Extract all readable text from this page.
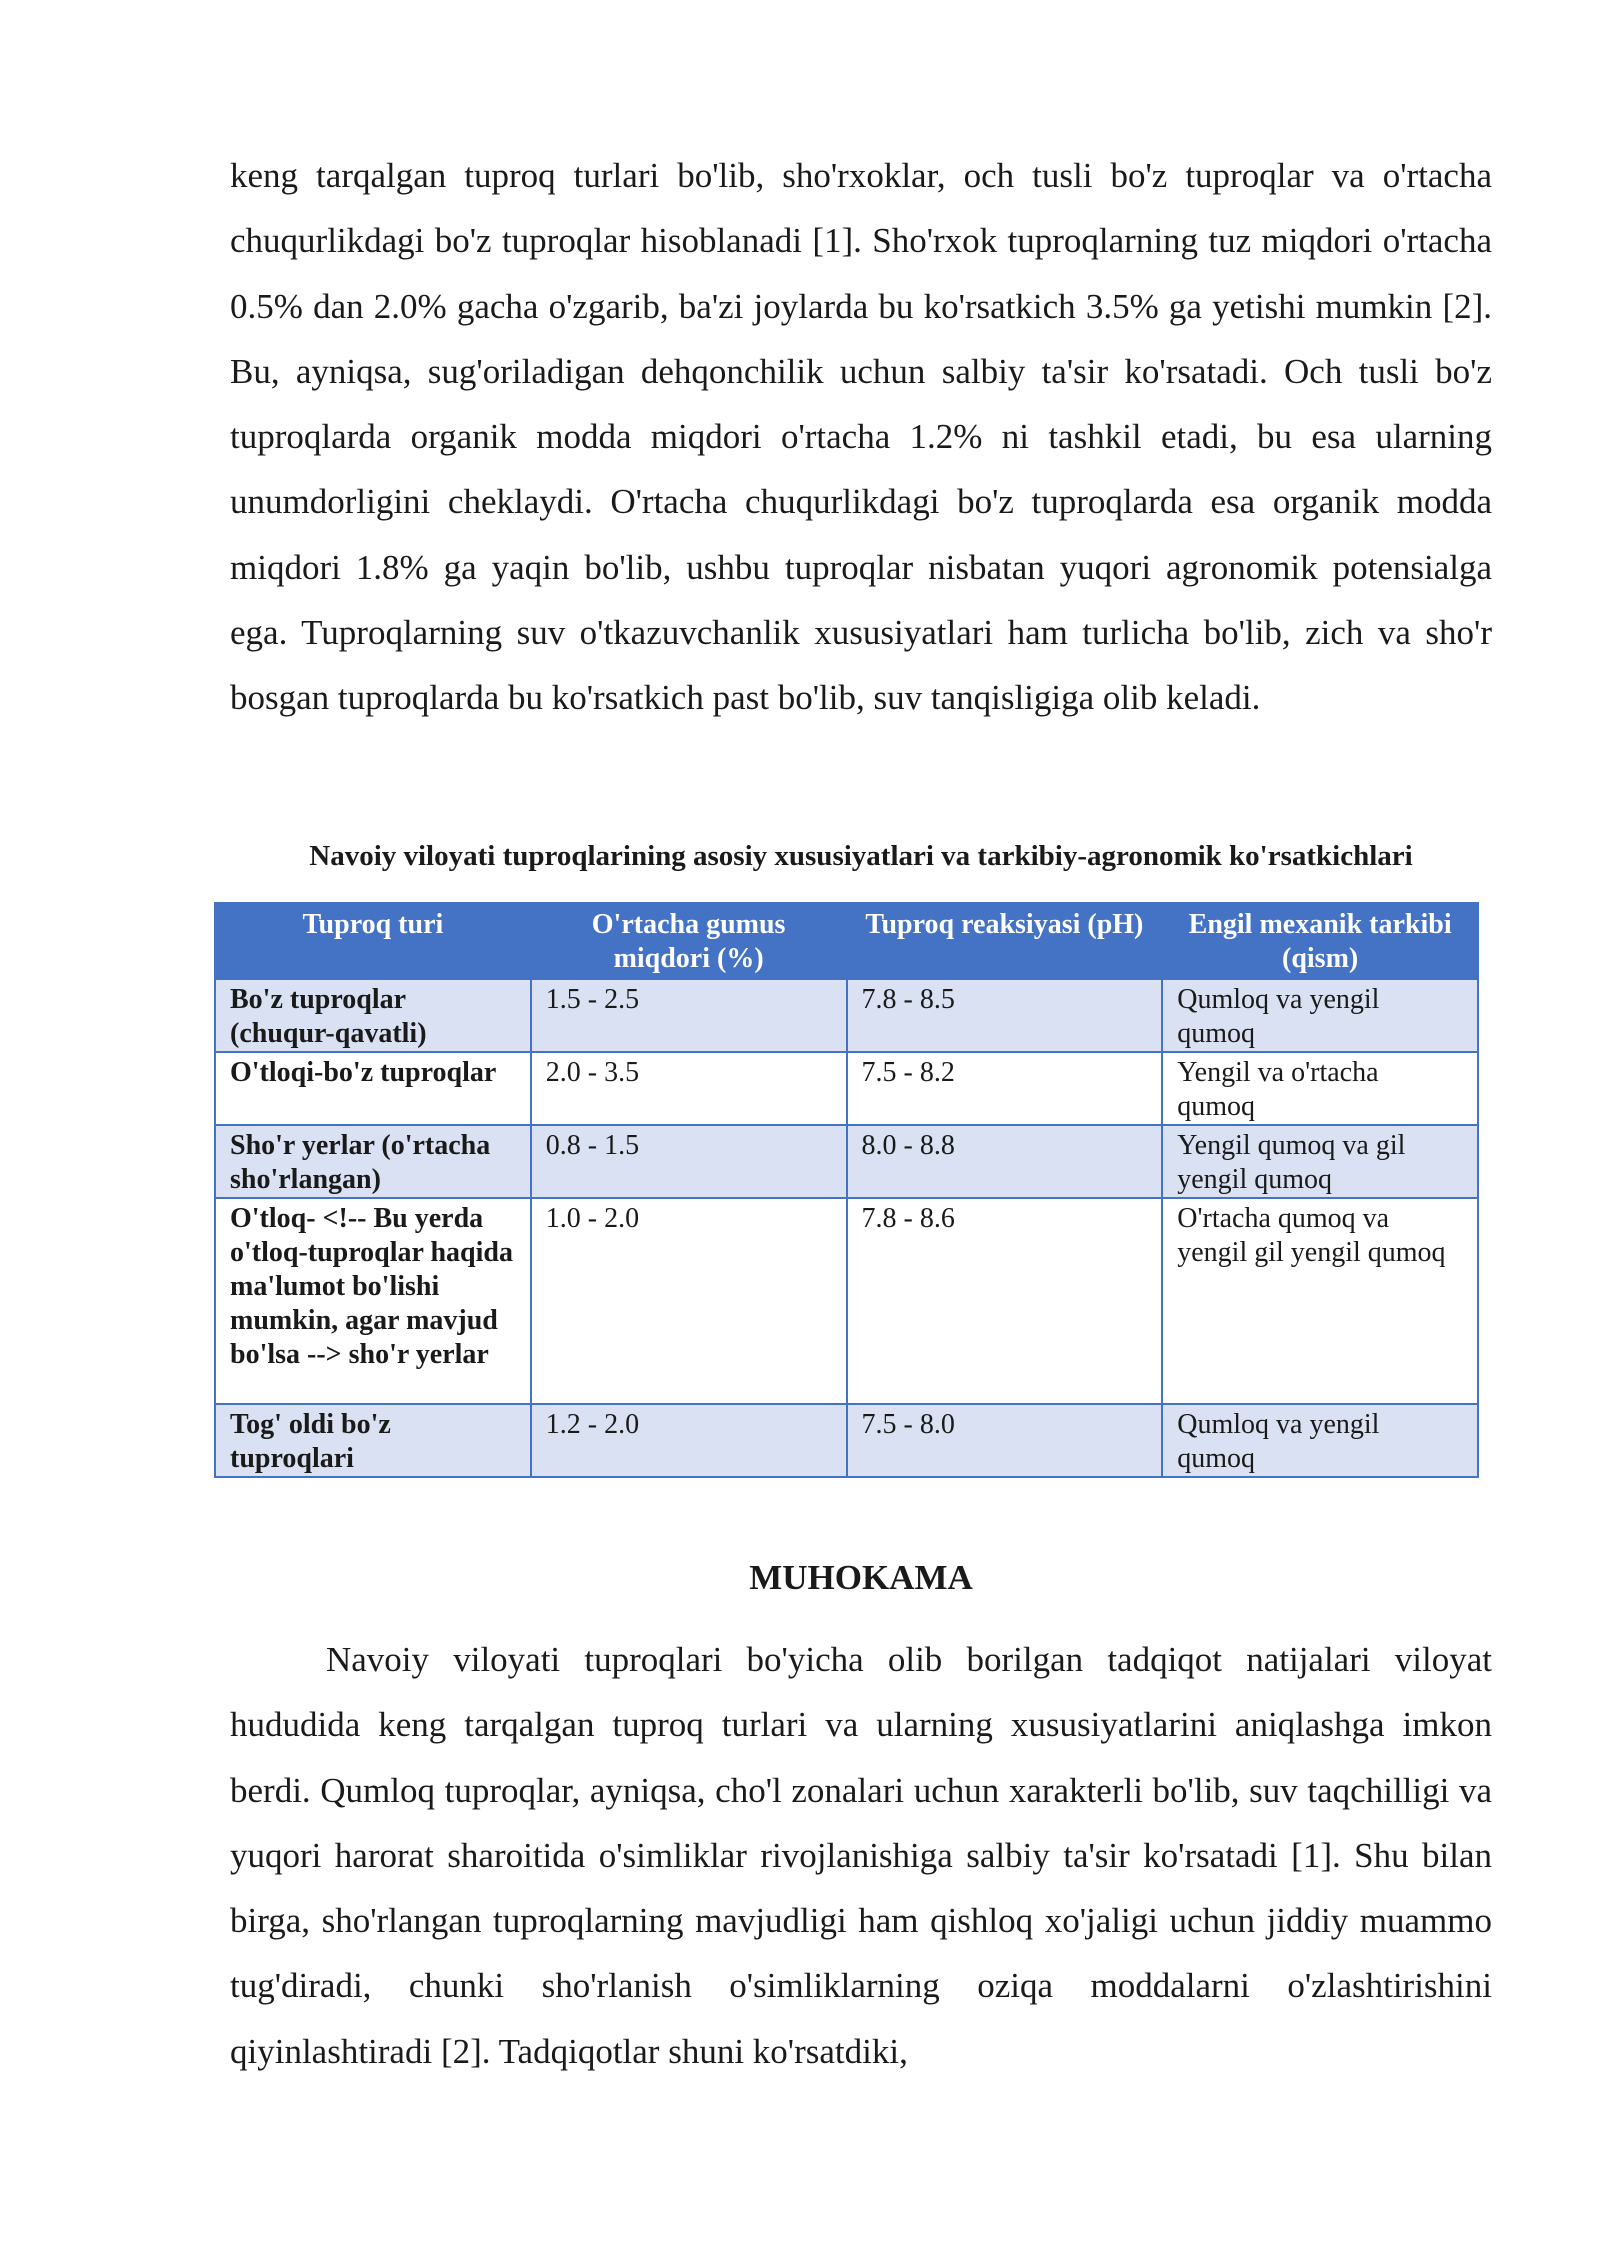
keng tarqalgan tuproq turlari bo'lib, sho'rxoklar, och tusli bo'z tuproqlar va o'rtacha chuqurlikdagi bo'z tuproqlar hisoblanadi [1]. Sho'rxok tuproqlarning tuz miqdori o'rtacha 0.5% dan 2.0% gacha o'zgarib, ba'zi joylarda bu ko'rsatkich 3.5% ga yetishi mumkin [2]. Bu, ayniqsa, sug'oriladigan dehqonchilik uchun salbiy ta'sir ko'rsatadi. Och tusli bo'z tuproqlarda organik modda miqdori o'rtacha 1.2% ni tashkil etadi, bu esa ularning unumdorligini cheklaydi. O'rtacha chuqurlikdagi bo'z tuproqlarda esa organik modda miqdori 1.8% ga yaqin bo'lib, ushbu tuproqlar nisbatan yuqori agronomik potensialga ega. Tuproqlarning suv o'tkazuvchanlik xususiyatlari ham turlicha bo'lib, zich va sho'r bosgan tuproqlarda bu ko'rsatkich past bo'lib, suv tanqisligiga olib keladi.

Navoiy viloyati tuproqlarining asosiy xususiyatlari va tarkibiy-agronomik ko'rsatkichlari

Tuproq turi	O'rtacha gumus miqdori (%)	Tuproq reaksiyasi (pH)	Engil mexanik tarkibi (qism)
Bo'z tuproqlar (chuqur-qavatli)	1.5 - 2.5	7.8 - 8.5	Qumloq va yengil qumoq
O'tloqi-bo'z tuproqlar	2.0 - 3.5	7.5 - 8.2	Yengil va o'rtacha qumoq
Sho'r yerlar (o'rtacha sho'rlangan)	0.8 - 1.5	8.0 - 8.8	Yengil qumoq va gil yengil qumoq
O'tloq- <!-- Bu yerda o'tloq-tuproqlar haqida ma'lumot bo'lishi mumkin, agar mavjud bo'lsa --> sho'r yerlar	1.0 - 2.0	7.8 - 8.6	O'rtacha qumoq va yengil gil yengil qumoq
Tog' oldi bo'z tuproqlari	1.2 - 2.0	7.5 - 8.0	Qumloq va yengil qumoq
MUHOKAMA

Navoiy viloyati tuproqlari bo'yicha olib borilgan tadqiqot natijalari viloyat hududida keng tarqalgan tuproq turlari va ularning xususiyatlarini aniqlashga imkon berdi. Qumloq tuproqlar, ayniqsa, cho'l zonalari uchun xarakterli bo'lib, suv taqchilligi va yuqori harorat sharoitida o'simliklar rivojlanishiga salbiy ta'sir ko'rsatadi [1]. Shu bilan birga, sho'rlangan tuproqlarning mavjudligi ham qishloq xo'jaligi uchun jiddiy muammo tug'diradi, chunki sho'rlanish o'simliklarning oziqa moddalarni o'zlashtirishini qiyinlashtiradi [2]. Tadqiqotlar shuni ko'rsatdiki,
